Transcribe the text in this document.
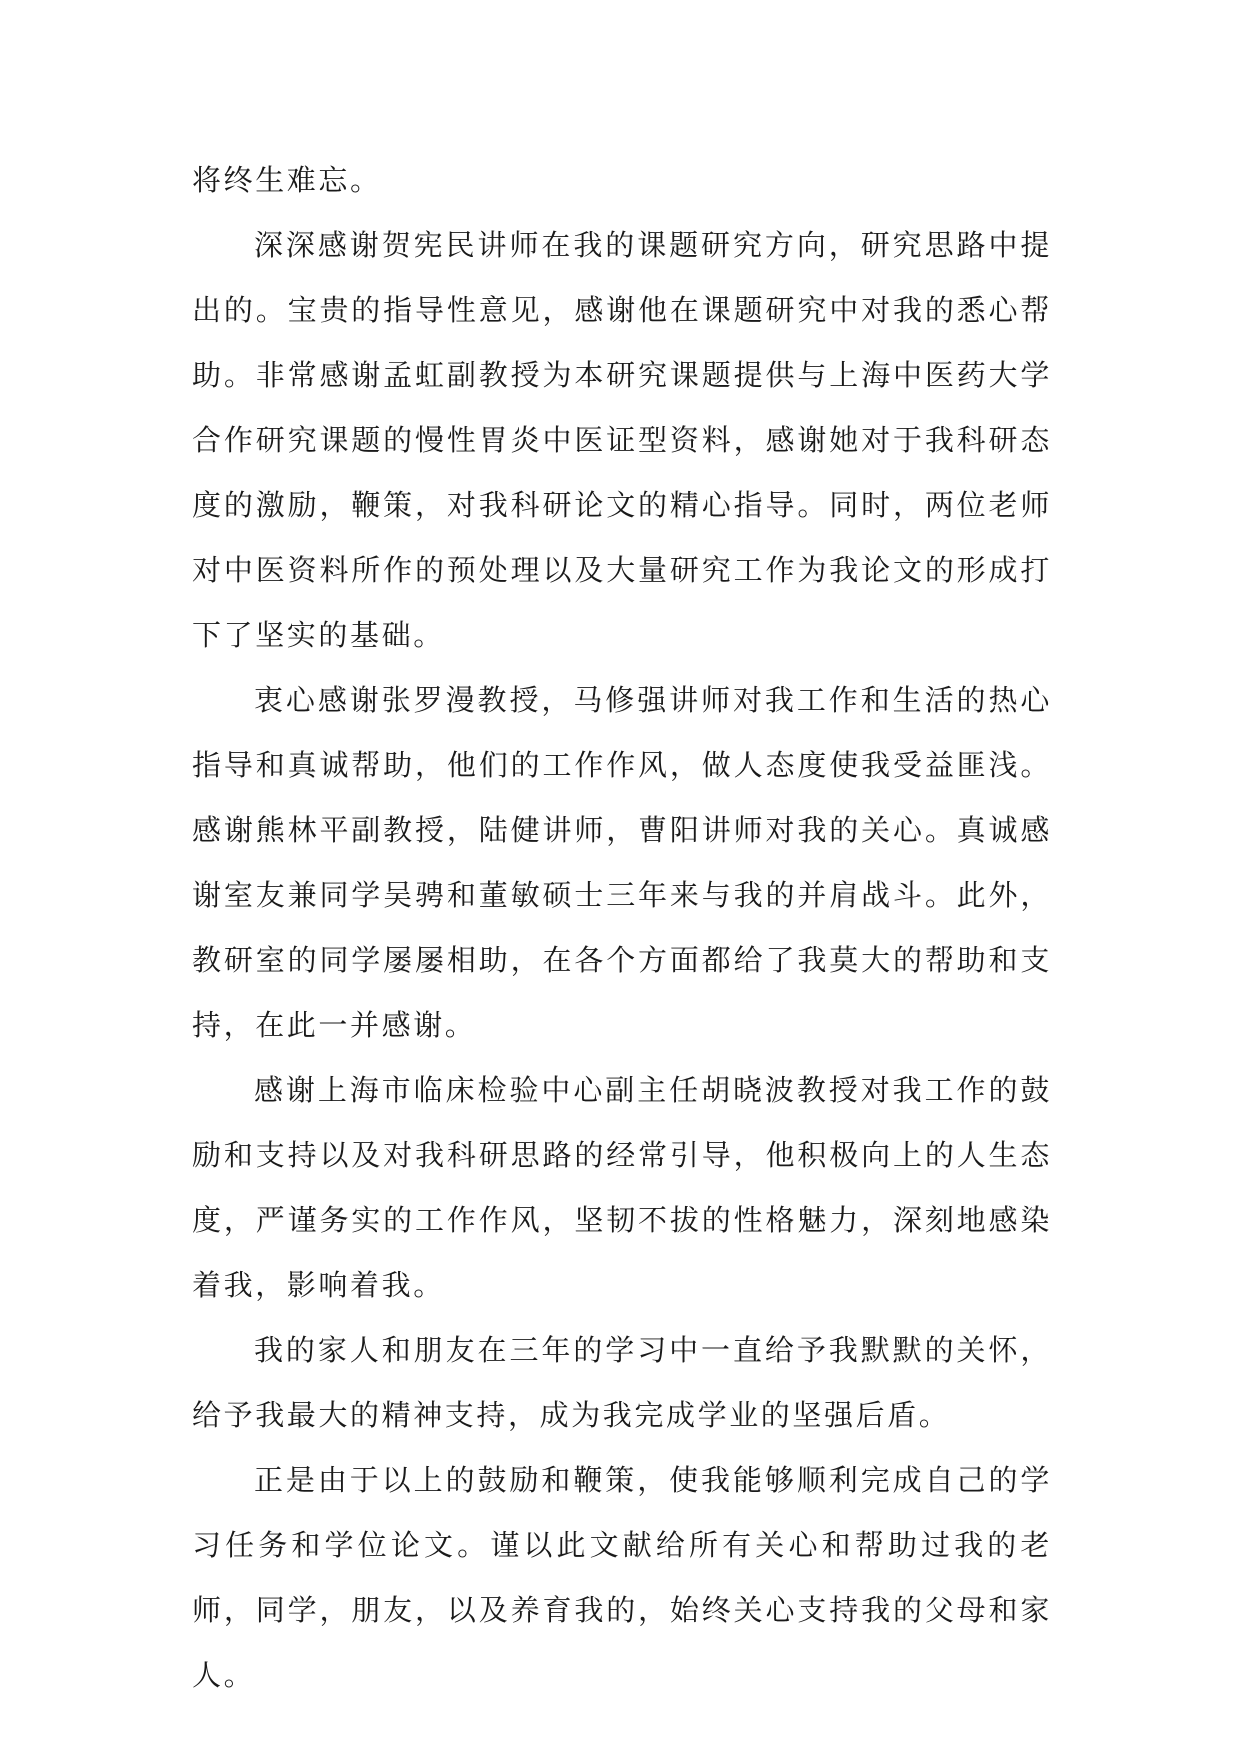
将终生难忘。

深深感谢贺宪民讲师在我的课题研究方向，研究思路中提出的。宝贵的指导性意见，感谢他在课题研究中对我的悉心帮助。非常感谢孟虹副教授为本研究课题提供与上海中医药大学合作研究课题的慢性胃炎中医证型资料，感谢她对于我科研态度的激励，鞭策，对我科研论文的精心指导。同时，两位老师对中医资料所作的预处理以及大量研究工作为我论文的形成打下了坚实的基础。

衷心感谢张罗漫教授，马修强讲师对我工作和生活的热心指导和真诚帮助，他们的工作作风，做人态度使我受益匪浅。感谢熊林平副教授，陆健讲师，曹阳讲师对我的关心。真诚感谢室友兼同学吴骋和董敏硕士三年来与我的并肩战斗。此外，教研室的同学屡屡相助，在各个方面都给了我莫大的帮助和支持，在此一并感谢。

感谢上海市临床检验中心副主任胡晓波教授对我工作的鼓励和支持以及对我科研思路的经常引导，他积极向上的人生态度，严谨务实的工作作风，坚韧不拔的性格魅力，深刻地感染着我，影响着我。

我的家人和朋友在三年的学习中一直给予我默默的关怀，给予我最大的精神支持，成为我完成学业的坚强后盾。

正是由于以上的鼓励和鞭策，使我能够顺利完成自己的学习任务和学位论文。谨以此文献给所有关心和帮助过我的老师，同学，朋友，以及养育我的，始终关心支持我的父母和家人。
